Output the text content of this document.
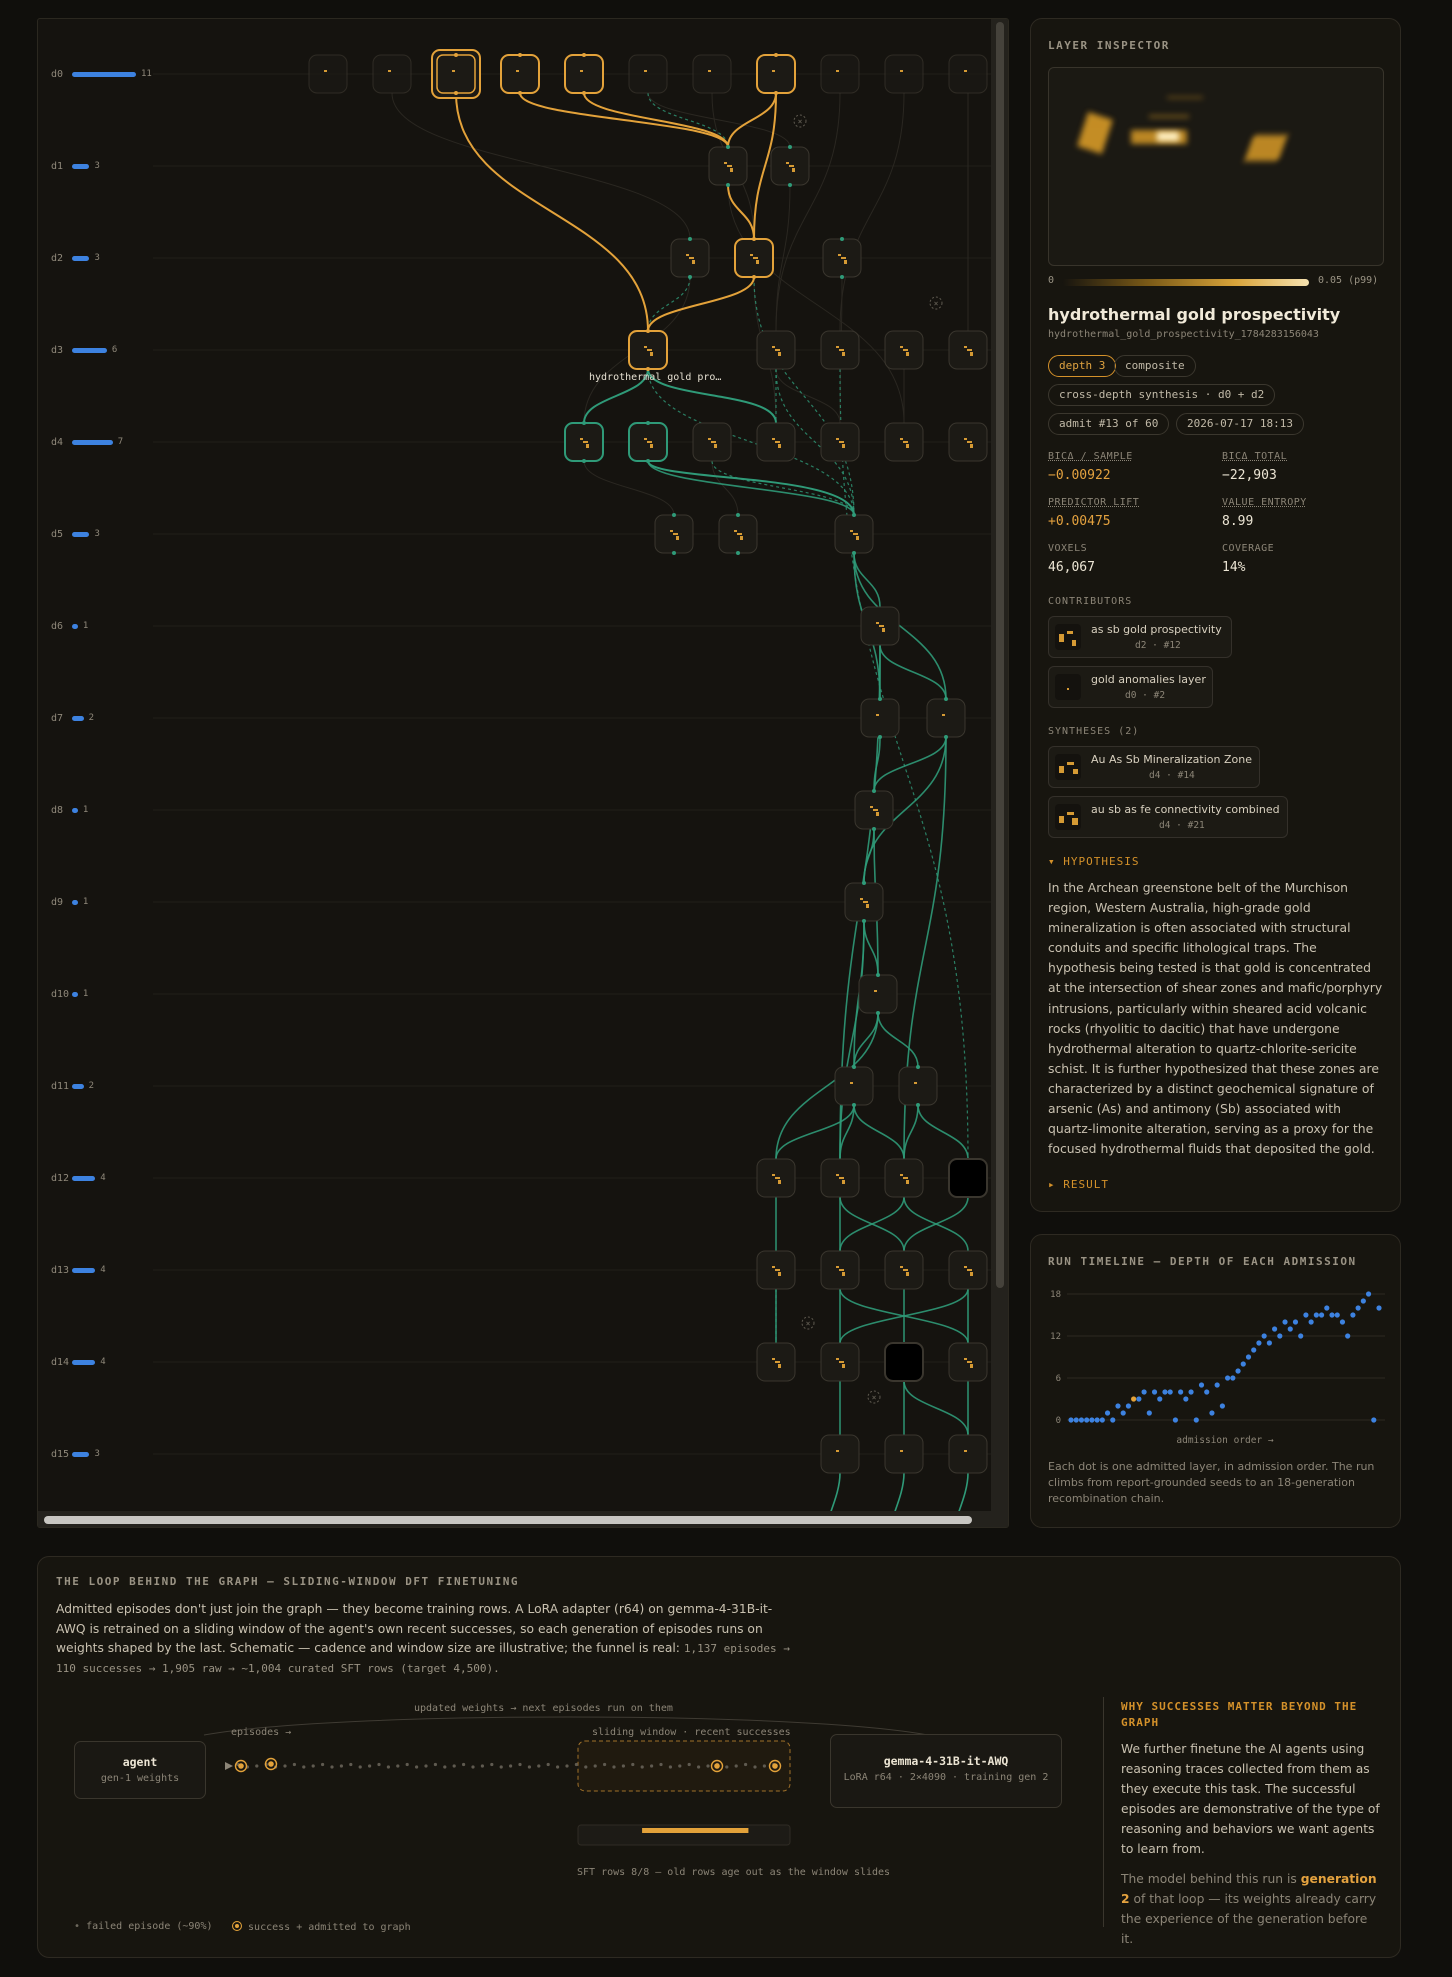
×
×
×
×
d0	11
d1	3
d2	3
d3	6
d4	7
d5	3
d6	1
d7	2
d8	1
d9	1
d10	1
d11	2
d12	4
d13	4
d14	4
d15	3
hydrothermal gold pro…
LAYER INSPECTOR
0	0.05 (p99)
hydrothermal gold prospectivity
hydrothermal_gold_prospectivity_1784283156043
depth 3	composite
cross-depth synthesis · d0 + d2
admit #13 of 60	2026-07-17 18:13
BICΔ / SAMPLE
−0.00922
BICΔ TOTAL
−22,903
PREDICTOR LIFT
+0.00475
VALUE ENTROPY
8.99
VOXELS
46,067
COVERAGE
14%
CONTRIBUTORS
as sb gold prospectivity
d2 · #12
gold anomalies layer
d0 · #2
SYNTHESES (2)
Au As Sb Mineralization Zone
d4 · #14
au sb as fe connectivity combined
d4 · #21
▾ HYPOTHESIS
In the Archean greenstone belt of the Murchison region, Western Australia, high-grade gold mineralization is often associated with structural conduits and specific lithological traps. The hypothesis being tested is that gold is concentrated at the intersection of shear zones and mafic/porphyry intrusions, particularly within sheared acid volcanic rocks (rhyolitic to dacitic) that have undergone hydrothermal alteration to quartz-chlorite-sericite schist. It is further hypothesized that these zones are characterized by a distinct geochemical signature of arsenic (As) and antimony (Sb) associated with quartz-limonite alteration, serving as a proxy for the focused hydrothermal fluids that deposited the gold.
▸ RESULT
RUN TIMELINE — DEPTH OF EACH ADMISSION
0
6
12
18
admission order →
Each dot is one admitted layer, in admission order. The run climbs from report-grounded seeds to an 18-generation recombination chain.
THE LOOP BEHIND THE GRAPH — SLIDING-WINDOW DFT FINETUNING
Admitted episodes don't just join the graph — they become training rows. A LoRA adapter (r64) on gemma-4-31B-it-AWQ is retrained on a sliding window of the agent's own recent successes, so each generation of episodes runs on weights shaped by the last. Schematic — cadence and window size are illustrative; the funnel is real: 1,137 episodes → 110 successes → 1,905 raw → ~1,004 curated SFT rows (target 4,500).
updated weights → next episodes run on them
episodes →	sliding window · recent successes
agent
gen-1 weights
gemma-4-31B-it-AWQ
LoRA r64 · 2×4090 · training gen 2
SFT rows 8/8 — old rows age out as the window slides
• failed episode (~90%)	success + admitted to graph
WHY SUCCESSES MATTER BEYOND THE GRAPH
We further finetune the AI agents using reasoning traces collected from them as they execute this task. The successful episodes are demonstrative of the type of reasoning and behaviors we want agents to learn from.
The model behind this run is generation 2 of that loop — its weights already carry the experience of the generation before it.
